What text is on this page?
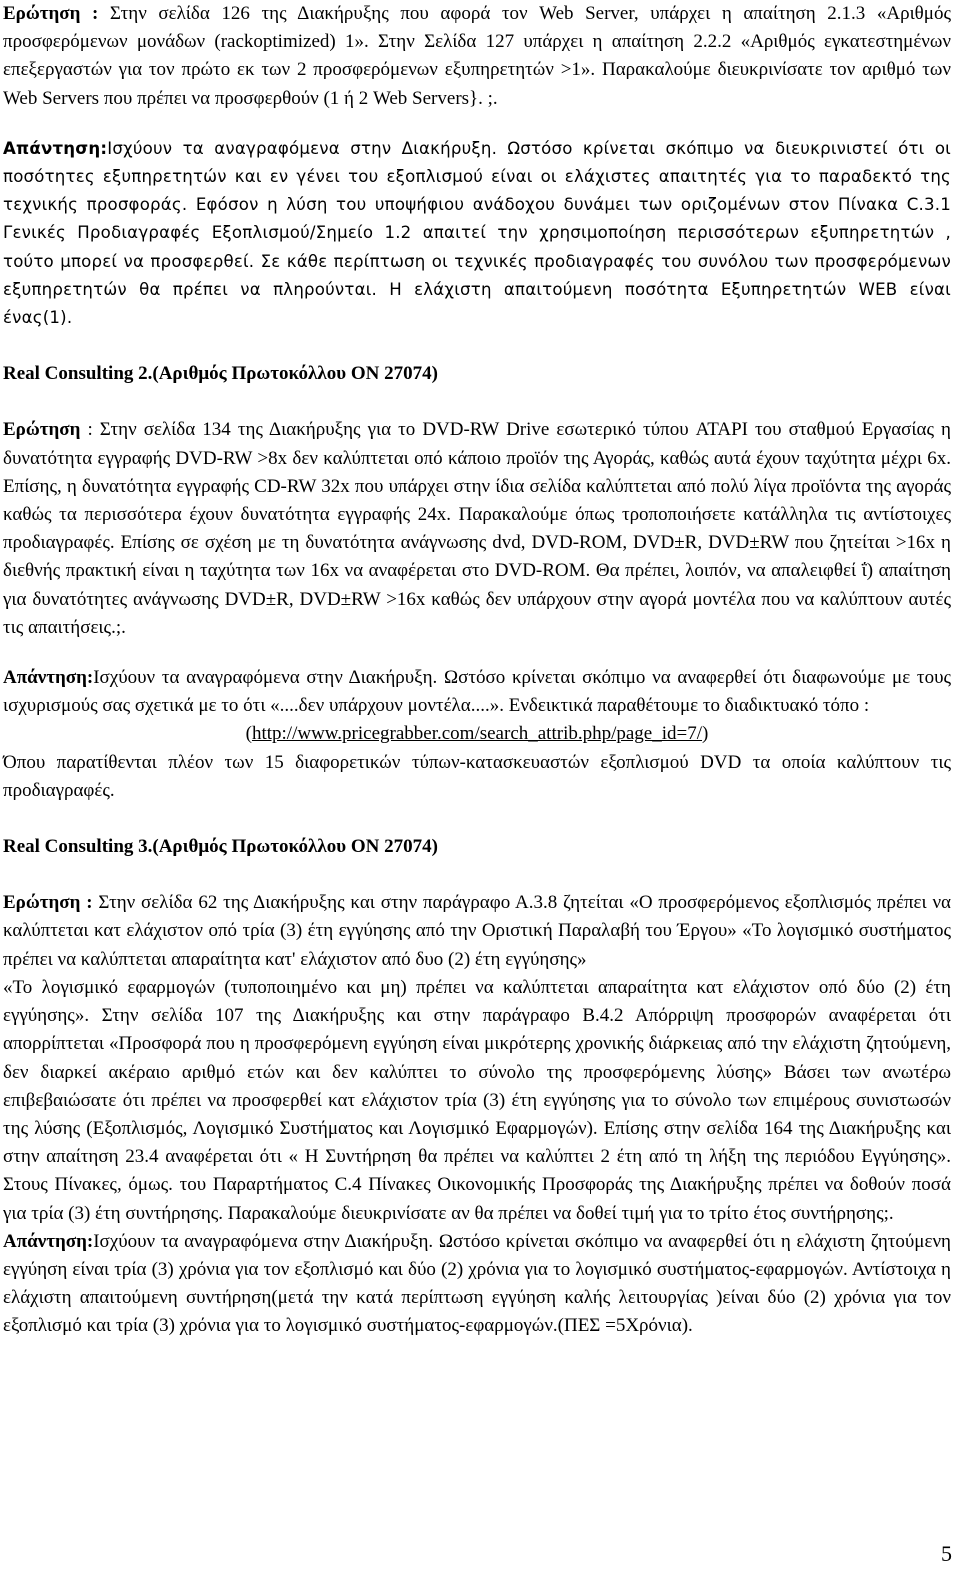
Ερώτηση : Στην σελίδα 126 της Διακήρυξης που αφορά τον Web Server, υπάρχει η απαίτηση 2.1.3 «Αριθμός προσφερόμενων μονάδων (rackoptimized) 1». Στην Σελίδα 127 υπάρχει η απαίτηση 2.2.2 «Αριθμός εγκατεστημένων επεξεργαστών για τον πρώτο εκ των 2 προσφερόμενων εξυπηρετητών >1». Παρακαλούμε διευκρινίσατε τον αριθμό των Web Servers που πρέπει να προσφερθούν (1 ή 2 Web Servers}. ;.

Απάντηση:Ισχύουν τα αναγραφόμενα στην Διακήρυξη. Ωστόσο κρίνεται σκόπιμο να διευκρινιστεί ότι οι ποσότητες εξυπηρετητών και εν γένει του εξοπλισμού είναι οι ελάχιστες απαιτητές για το παραδεκτό της τεχνικής προσφοράς. Εφόσον η λύση του υποψήφιου ανάδοχου δυνάμει των οριζομένων στον Πίνακα C.3.1 Γενικές Προδιαγραφές Εξοπλισμού/Σημείο 1.2 απαιτεί την χρησιμοποίηση περισσότερων εξυπηρετητών , τούτο μπορεί να προσφερθεί. Σε κάθε περίπτωση οι τεχνικές προδιαγραφές του συνόλου των προσφερόμενων εξυπηρετητών θα πρέπει να πληρούνται. Η ελάχιστη απαιτούμενη ποσότητα Εξυπηρετητών WEB είναι ένας(1).

Real Consulting 2.(Αριθμός Πρωτοκόλλου ΟΝ 27074)

Ερώτηση : Στην σελίδα 134 της Διακήρυξης για το DVD-RW Drive εσωτερικό τύπου ATAPI του σταθμού Εργασίας η δυνατότητα εγγραφής DVD-RW >8x δεν καλύπτεται οπό κάποιο προϊόν της Αγοράς, καθώς αυτά έχουν ταχύτητα μέχρι 6x. Επίσης, η δυνατότητα εγγραφής CD-RW 32x που υπάρχει στην ίδια σελίδα καλύπτεται από πολύ λίγα προϊόντα της αγοράς καθώς τα περισσότερα έχουν δυνατότητα εγγραφής 24x. Παρακαλούμε όπως τροποποιήσετε κατάλληλα τις αντίστοιχες προδιαγραφές. Επίσης σε σχέση με τη δυνατότητα ανάγνωσης dvd, DVD-ROM, DVD±R, DVD±RW που ζητείται >16x η διεθνής πρακτική είναι η ταχύτητα των 16x να αναφέρεται στο DVD-ROM. Θα πρέπει, λοιπόν, να απαλειφθεί ΐ) απαίτηση για δυνατότητες ανάγνωσης DVD±R, DVD±RW >16x καθώς δεν υπάρχουν στην αγορά μοντέλα που να καλύπτουν αυτές τις απαιτήσεις.;.

Απάντηση:Ισχύουν τα αναγραφόμενα στην Διακήρυξη. Ωστόσο κρίνεται σκόπιμο να αναφερθεί ότι διαφωνούμε με τους ισχυρισμούς σας σχετικά με το ότι «....δεν υπάρχουν μοντέλα....». Ενδεικτικά παραθέτουμε το διαδικτυακό τόπο :

(http://www.pricegrabber.com/search_attrib.php/page_id=7/)

Όπου παρατίθενται πλέον των 15 διαφορετικών τύπων-κατασκευαστών εξοπλισμού DVD τα οποία καλύπτουν τις προδιαγραφές.

Real Consulting 3.(Αριθμός Πρωτοκόλλου ΟΝ 27074)

Ερώτηση : Στην σελίδα 62 της Διακήρυξης και στην παράγραφο Α.3.8 ζητείται «Ο προσφερόμενος εξοπλισμός πρέπει να καλύπτεται κατ ελάχιστον οπό τρία (3) έτη εγγύησης από την Οριστική Παραλαβή του Έργου» «Το λογισμικό συστήματος πρέπει να καλύπτεται απαραίτητα κατ' ελάχιστον από δυο (2) έτη εγγύησης»

«Το λογισμικό εφαρμογών (τυποποιημένο και μη) πρέπει να καλύπτεται απαραίτητα κατ ελάχιστον οπό δύο (2) έτη εγγύησης». Στην σελίδα 107 της Διακήρυξης και στην παράγραφο Β.4.2 Απόρριψη προσφορών αναφέρεται ότι απορρίπτεται «Προσφορά που η προσφερόμενη εγγύηση είναι μικρότερης χρονικής διάρκειας από την ελάχιστη ζητούμενη, δεν διαρκεί ακέραιο αριθμό ετών και δεν καλύπτει το σύνολο της προσφερόμενης λύσης» Βάσει των ανωτέρω επιβεβαιώσατε ότι πρέπει να προσφερθεί κατ ελάχιστον τρία (3) έτη εγγύησης για το σύνολο των επιμέρους συνιστωσών της λύσης (Εξοπλισμός, Λογισμικό Συστήματος και Λογισμικό Εφαρμογών). Επίσης στην σελίδα 164 της Διακήρυξης και στην απαίτηση 23.4 αναφέρεται ότι « Η Συντήρηση θα πρέπει να καλύπτει 2 έτη από τη λήξη της περιόδου Εγγύησης». Στους Πίνακες, όμως. του Παραρτήματος C.4 Πίνακες Οικονομικής Προσφοράς της Διακήρυξης πρέπει να δοθούν ποσά για τρία (3) έτη συντήρησης. Παρακαλούμε διευκρινίσατε αν θα πρέπει να δοθεί τιμή για το τρίτο έτος συντήρησης;.

Απάντηση:Ισχύουν τα αναγραφόμενα στην Διακήρυξη. Ωστόσο κρίνεται σκόπιμο να αναφερθεί ότι η ελάχιστη ζητούμενη εγγύηση είναι τρία (3) χρόνια για τον εξοπλισμό και δύο (2) χρόνια για το λογισμικό συστήματος-εφαρμογών. Αντίστοιχα η ελάχιστη απαιτούμενη συντήρηση(μετά την κατά περίπτωση εγγύηση καλής λειτουργίας )είναι δύο (2) χρόνια για τον εξοπλισμό και τρία (3) χρόνια για το λογισμικό συστήματος-εφαρμογών.(ΠΕΣ =5Χρόνια).

5
